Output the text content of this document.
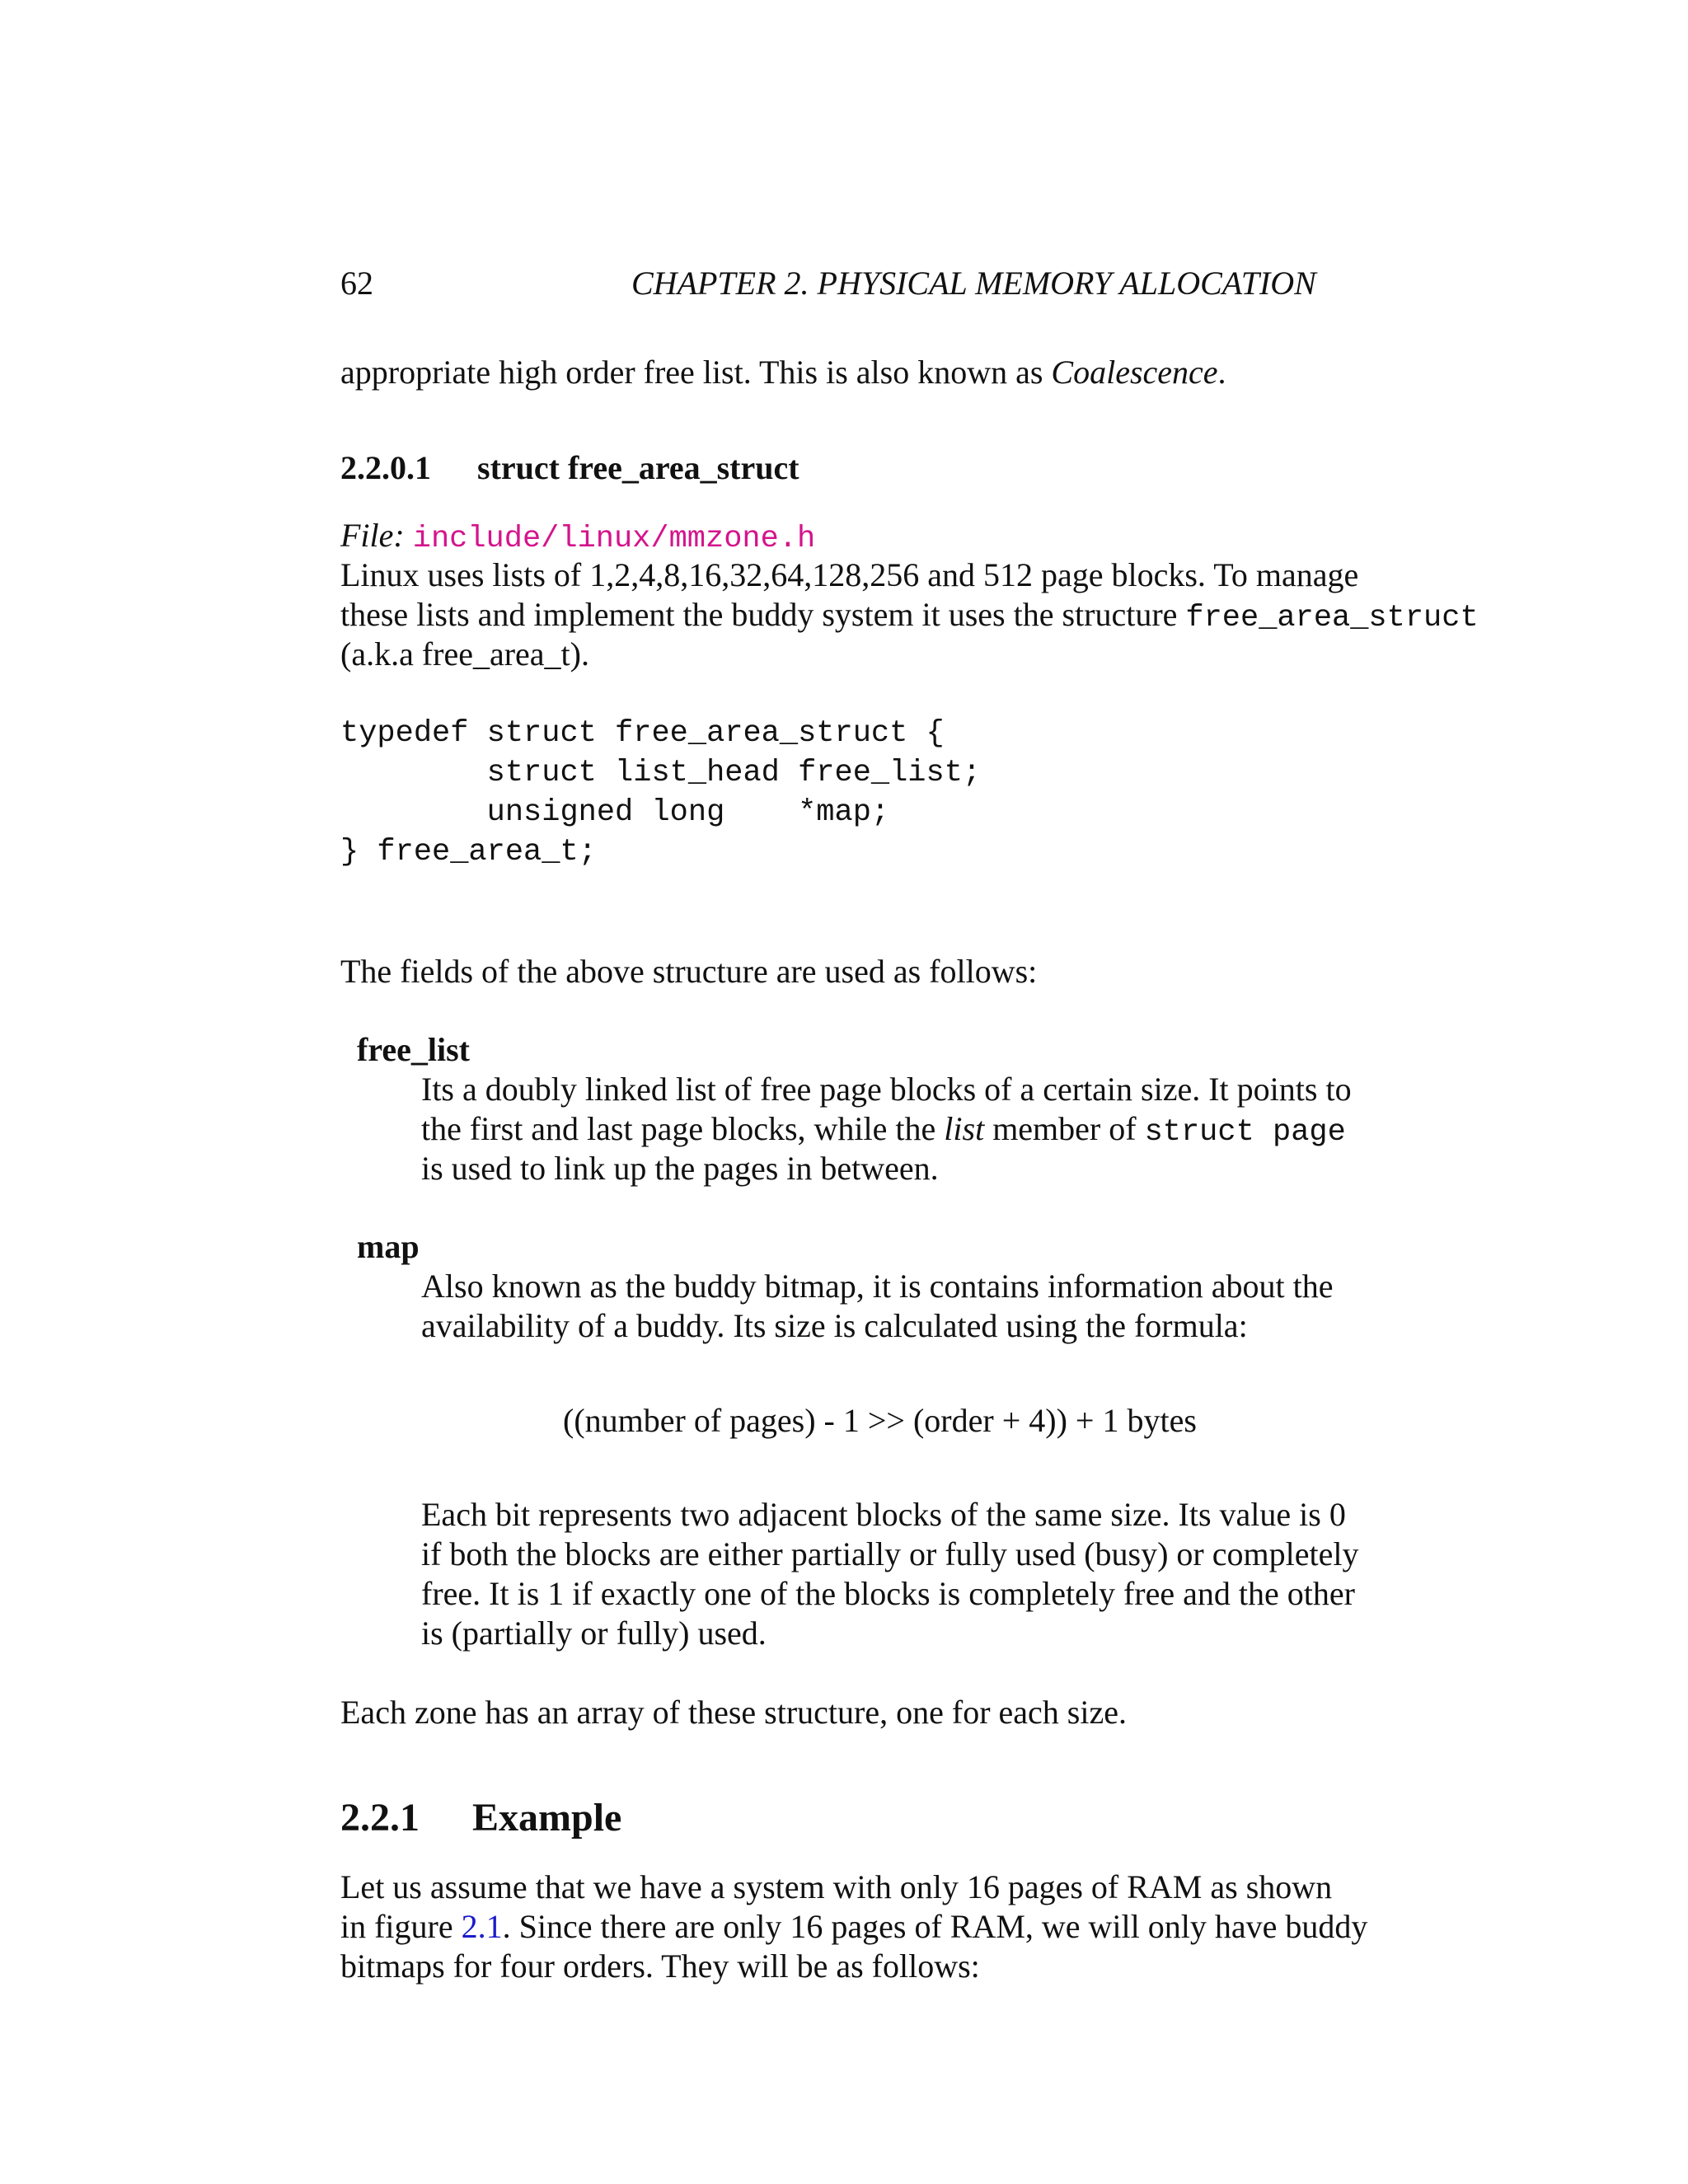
62	CHAPTER 2. PHYSICAL MEMORY ALLOCATION
appropriate high order free list. This is also known as Coalescence.
2.2.0.1 struct free_area_struct
File: include/linux/mmzone.h
Linux uses lists of 1,2,4,8,16,32,64,128,256 and 512 page blocks. To manage
these lists and implement the buddy system it uses the structure free_area_struct
(a.k.a free_area_t).
typedef struct free_area_struct {
struct list_head free_list;
unsigned long    *map;
} free_area_t;
The fields of the above structure are used as follows:
free_list
Its a doubly linked list of free page blocks of a certain size. It points to
the first and last page blocks, while the list member of struct page
is used to link up the pages in between.
map
Also known as the buddy bitmap, it is contains information about the
availability of a buddy. Its size is calculated using the formula:
((number of pages) - 1 >> (order + 4)) + 1 bytes
Each bit represents two adjacent blocks of the same size. Its value is 0
if both the blocks are either partially or fully used (busy) or completely
free. It is 1 if exactly one of the blocks is completely free and the other
is (partially or fully) used.
Each zone has an array of these structure, one for each size.
2.2.1 Example
Let us assume that we have a system with only 16 pages of RAM as shown
in figure 2.1. Since there are only 16 pages of RAM, we will only have buddy
bitmaps for four orders. They will be as follows:
